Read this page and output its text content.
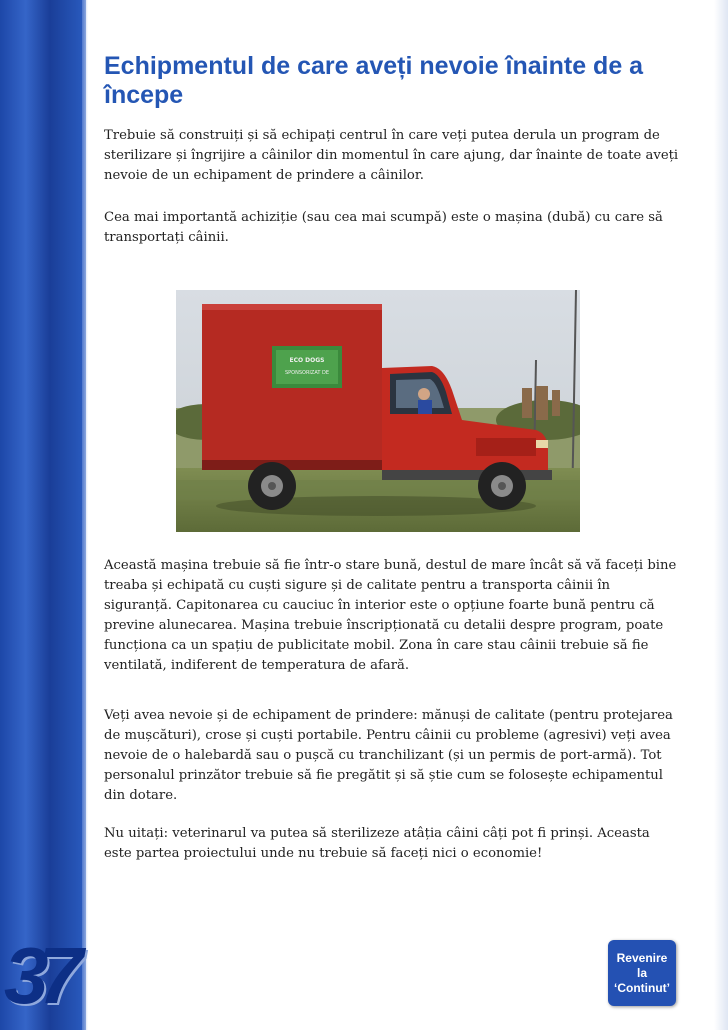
37
Echipmentul de care aveți nevoie înainte de a începe

Trebuie să construiți și să echipați centrul în care veți putea derula un program de sterilizare și îngrijire a câinilor din momentul în care ajung, dar înainte de toate aveți nevoie de un echipament de prindere a câinilor.

Cea mai importantă achiziție (sau cea mai scumpă) este o mașina (dubă) cu care să transportați câinii.

ECO DOGS
SPONSORIZAT DE

Această mașina trebuie să fie într-o stare bună, destul de mare încât să vă faceți bine treaba și echipată cu cuști sigure și de calitate pentru a transporta câinii în siguranță. Capitonarea cu cauciuc în interior este o opțiune foarte bună pentru că previne alunecarea. Mașina trebuie înscripționată cu detalii despre program, poate funcționa ca un spațiu de publicitate mobil. Zona în care stau câinii trebuie să fie ventilată, indiferent de temperatura de afară.

Veți avea nevoie și de echipament de prindere: mănuși de calitate (pentru protejarea de mușcături), crose și cuști portabile. Pentru câinii cu probleme (agresivi) veți avea nevoie de o halebardă sau o pușcă cu tranchilizant (și un permis de port-armă). Tot personalul prinzător trebuie să fie pregătit și să știe cum se folosește echipamentul din dotare.

Nu uitați: veterinarul va putea să sterilizeze atâția câini câți pot fi prinși. Aceasta este partea proiectului unde nu trebuie să faceți nici o economie!

Revenire
la
‘Continut’
